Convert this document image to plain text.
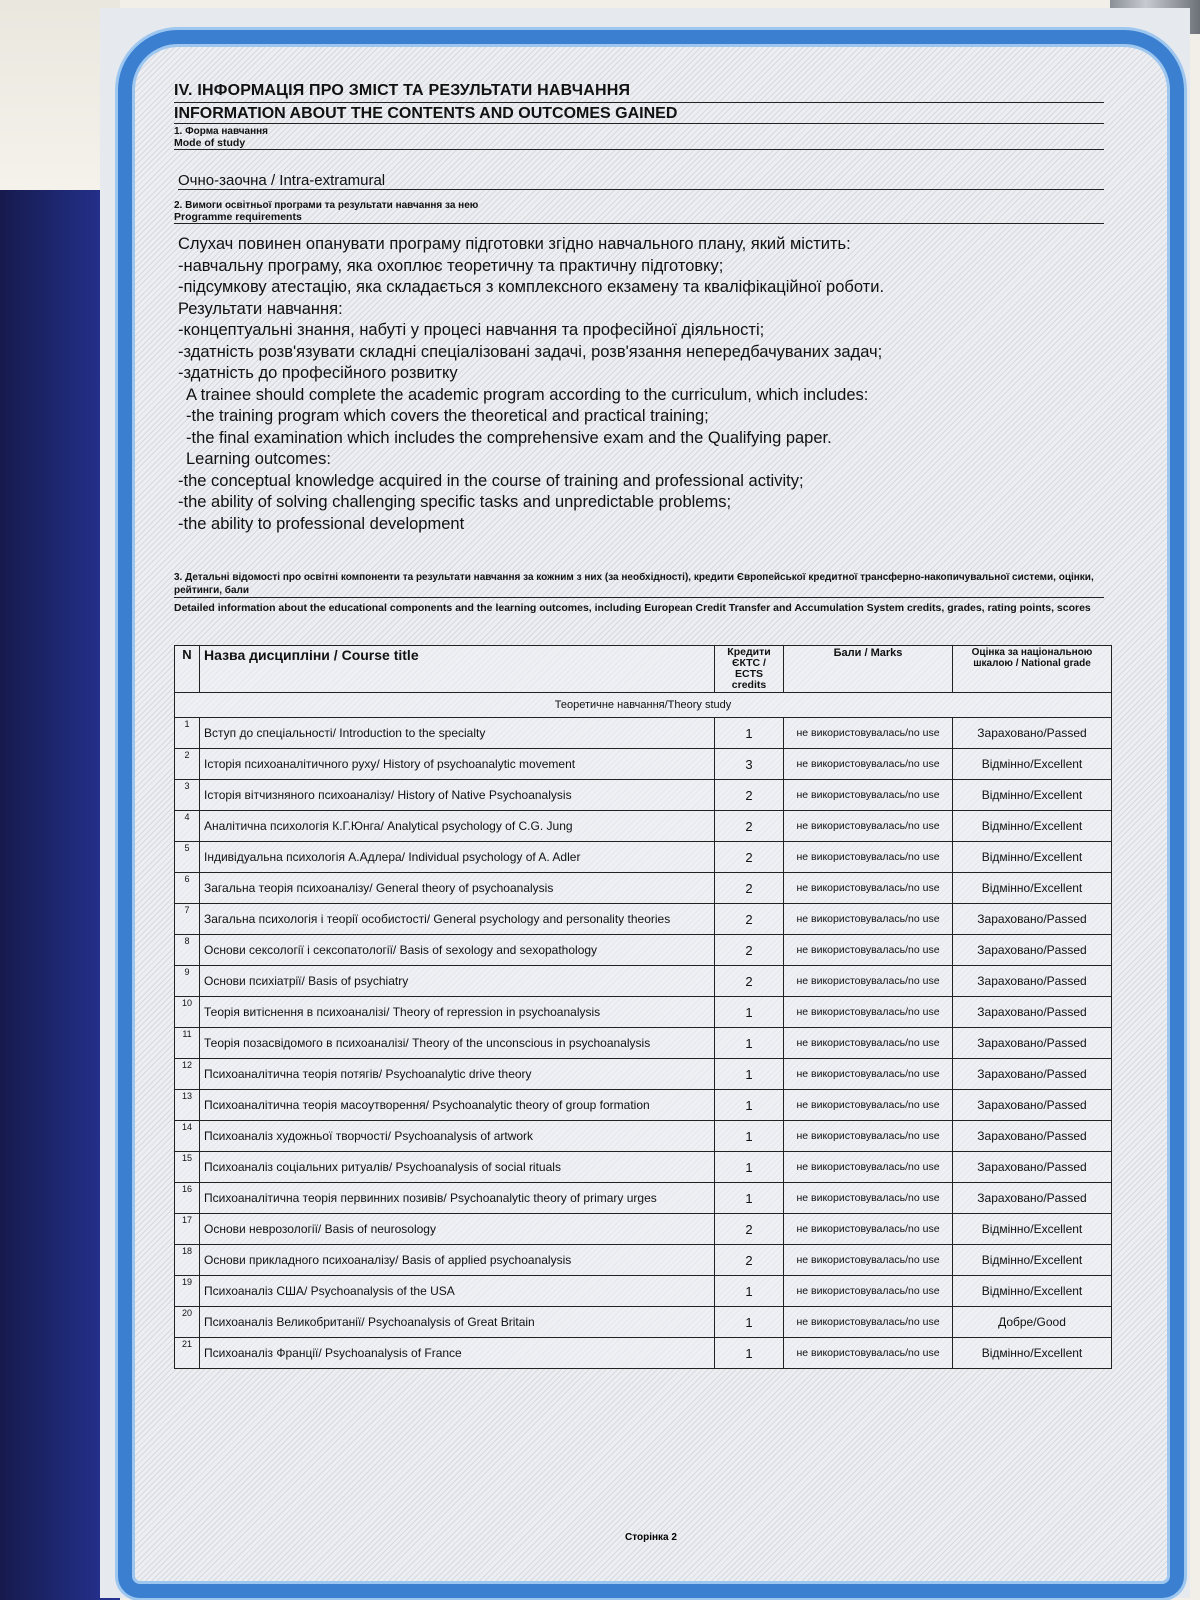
IV. ІНФОРМАЦІЯ ПРО ЗМІСТ ТА РЕЗУЛЬТАТИ НАВЧАННЯ
INFORMATION ABOUT THE CONTENTS AND OUTCOMES GAINED
1. Форма навчання
Mode of study
Очно-заочна / Intra-extramural
2. Вимоги освітньої програми та результати навчання за нею
Programme requirements
Слухач повинен опанувати програму підготовки згідно навчального плану, який містить:
-навчальну програму, яка охоплює теоретичну та практичну підготовку;
-підсумкову атестацію, яка складається з комплексного екзамену та кваліфікаційної роботи.
Результати навчання:
-концептуальні знання, набуті у процесі навчання та професійної діяльності;
-здатність розв'язувати складні спеціалізовані задачі, розв'язання непередбачуваних задач;
-здатність до професійного розвитку
A trainee should complete the academic program according to the curriculum, which includes:
-the training program which covers the theoretical and practical training;
-the final examination which includes the comprehensive exam and the Qualifying paper.
Learning outcomes:
-the conceptual knowledge acquired in the course of training and professional activity;
-the ability of solving challenging specific tasks and unpredictable problems;
-the ability to professional development
3. Детальні відомості про освітні компоненти та результати навчання за кожним з них (за необхідності), кредити Європейської кредитної трансферно-накопичувальної системи, оцінки, рейтинги, бали
Detailed information about the educational components and the learning outcomes, including European Credit Transfer and Accumulation System credits, grades, rating points, scores
N	Назва дисципліни / Course title	Кредити ЄКТС / ECTS credits	Бали / Marks	Оцінка за національною шкалою / National grade
Теоретичне навчання/Theory study				
1	Вступ до спеціальності/ Introduction to the specialty	1	не використовувалась/no use	Зараховано/Passed
2	Історія психоаналітичного руху/ History of psychoanalytic movement	3	не використовувалась/no use	Відмінно/Excellent
3	Історія вітчизняного психоаналізу/ History of Native Psychoanalysis	2	не використовувалась/no use	Відмінно/Excellent
4	Аналітична психологія К.Г.Юнга/ Analytical psychology of C.G. Jung	2	не використовувалась/no use	Відмінно/Excellent
5	Індивідуальна психологія А.Адлера/ Individual psychology of A. Adler	2	не використовувалась/no use	Відмінно/Excellent
6	Загальна теорія психоаналізу/ General theory of psychoanalysis	2	не використовувалась/no use	Відмінно/Excellent
7	Загальна психологія і теорії особистості/ General psychology and personality theories	2	не використовувалась/no use	Зараховано/Passed
8	Основи сексології і сексопатології/ Basis of sexology and sexopathology	2	не використовувалась/no use	Зараховано/Passed
9	Основи психіатрії/ Basis of psychiatry	2	не використовувалась/no use	Зараховано/Passed
10	Теорія витіснення в психоаналізі/ Theory of repression in psychoanalysis	1	не використовувалась/no use	Зараховано/Passed
11	Теорія позасвідомого в психоаналізі/ Theory of the unconscious in psychoanalysis	1	не використовувалась/no use	Зараховано/Passed
12	Психоаналітична теорія потягів/ Psychoanalytic drive theory	1	не використовувалась/no use	Зараховано/Passed
13	Психоаналітична теорія масоутворення/ Psychoanalytic theory of group formation	1	не використовувалась/no use	Зараховано/Passed
14	Психоаналіз художньої творчості/ Psychoanalysis of artwork	1	не використовувалась/no use	Зараховано/Passed
15	Психоаналіз соціальних ритуалів/ Psychoanalysis of social rituals	1	не використовувалась/no use	Зараховано/Passed
16	Психоаналітична теорія первинних позивів/ Psychoanalytic theory of primary urges	1	не використовувалась/no use	Зараховано/Passed
17	Основи неврозології/ Basis of neurosology	2	не використовувалась/no use	Відмінно/Excellent
18	Основи прикладного психоаналізу/ Basis of applied psychoanalysis	2	не використовувалась/no use	Відмінно/Excellent
19	Психоаналіз США/ Psychoanalysis of the USA	1	не використовувалась/no use	Відмінно/Excellent
20	Психоаналіз Великобританії/ Psychoanalysis of Great Britain	1	не використовувалась/no use	Добре/Good
21	Психоаналіз Франції/ Psychoanalysis of France	1	не використовувалась/no use	Відмінно/Excellent
Сторінка 2
